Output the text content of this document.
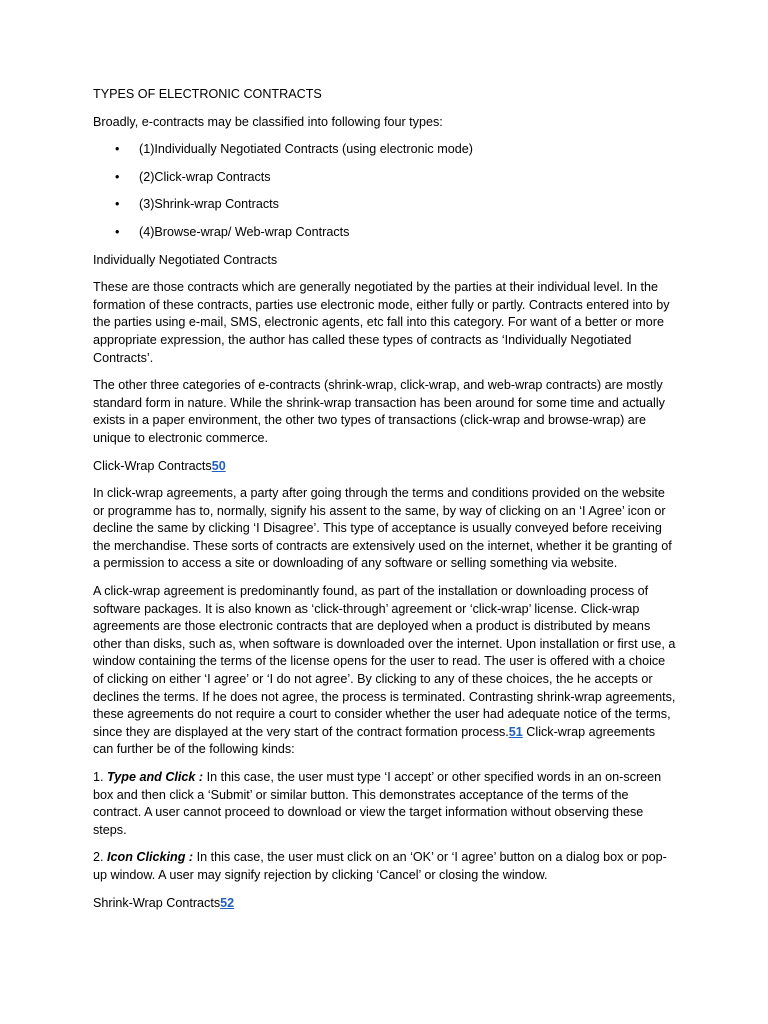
TYPES OF ELECTRONIC CONTRACTS

Broadly, e-contracts may be classified into following four types:

• (1)Individually Negotiated Contracts (using electronic mode)
• (2)Click-wrap Contracts
• (3)Shrink-wrap Contracts
• (4)Browse-wrap/ Web-wrap Contracts

Individually Negotiated Contracts

These are those contracts which are generally negotiated by the parties at their individual level. In the formation of these contracts, parties use electronic mode, either fully or partly. Contracts entered into by the parties using e-mail, SMS, electronic agents, etc fall into this category. For want of a better or more appropriate expression, the author has called these types of contracts as ‘Individually Negotiated Contracts’.

The other three categories of e-contracts (shrink-wrap, click-wrap, and web-wrap contracts) are mostly standard form in nature. While the shrink-wrap transaction has been around for some time and actually exists in a paper environment, the other two types of transactions (click-wrap and browse-wrap) are unique to electronic commerce.

Click-Wrap Contracts50

In click-wrap agreements, a party after going through the terms and conditions provided on the website or programme has to, normally, signify his assent to the same, by way of clicking on an ‘I Agree’ icon or decline the same by clicking ‘I Disagree’. This type of acceptance is usually conveyed before receiving the merchandise. These sorts of contracts are extensively used on the internet, whether it be granting of a permission to access a site or downloading of any software or selling something via website.

A click-wrap agreement is predominantly found, as part of the installation or downloading process of software packages. It is also known as ‘click-through’ agreement or ‘click-wrap’ license. Click-wrap agreements are those electronic contracts that are deployed when a product is distributed by means other than disks, such as, when software is downloaded over the internet. Upon installation or first use, a window containing the terms of the license opens for the user to read. The user is offered with a choice of clicking on either ‘I agree’ or ‘I do not agree’. By clicking to any of these choices, the he accepts or declines the terms. If he does not agree, the process is terminated. Contrasting shrink-wrap agreements, these agreements do not require a court to consider whether the user had adequate notice of the terms, since they are displayed at the very start of the contract formation process.51 Click-wrap agreements can further be of the following kinds:

1. Type and Click : In this case, the user must type ‘I accept’ or other specified words in an on-screen box and then click a ‘Submit’ or similar button. This demonstrates acceptance of the terms of the contract. A user cannot proceed to download or view the target information without observing these steps.

2. Icon Clicking : In this case, the user must click on an ‘OK’ or ‘I agree’ button on a dialog box or pop-up window. A user may signify rejection by clicking ‘Cancel’ or closing the window.

Shrink-Wrap Contracts52
